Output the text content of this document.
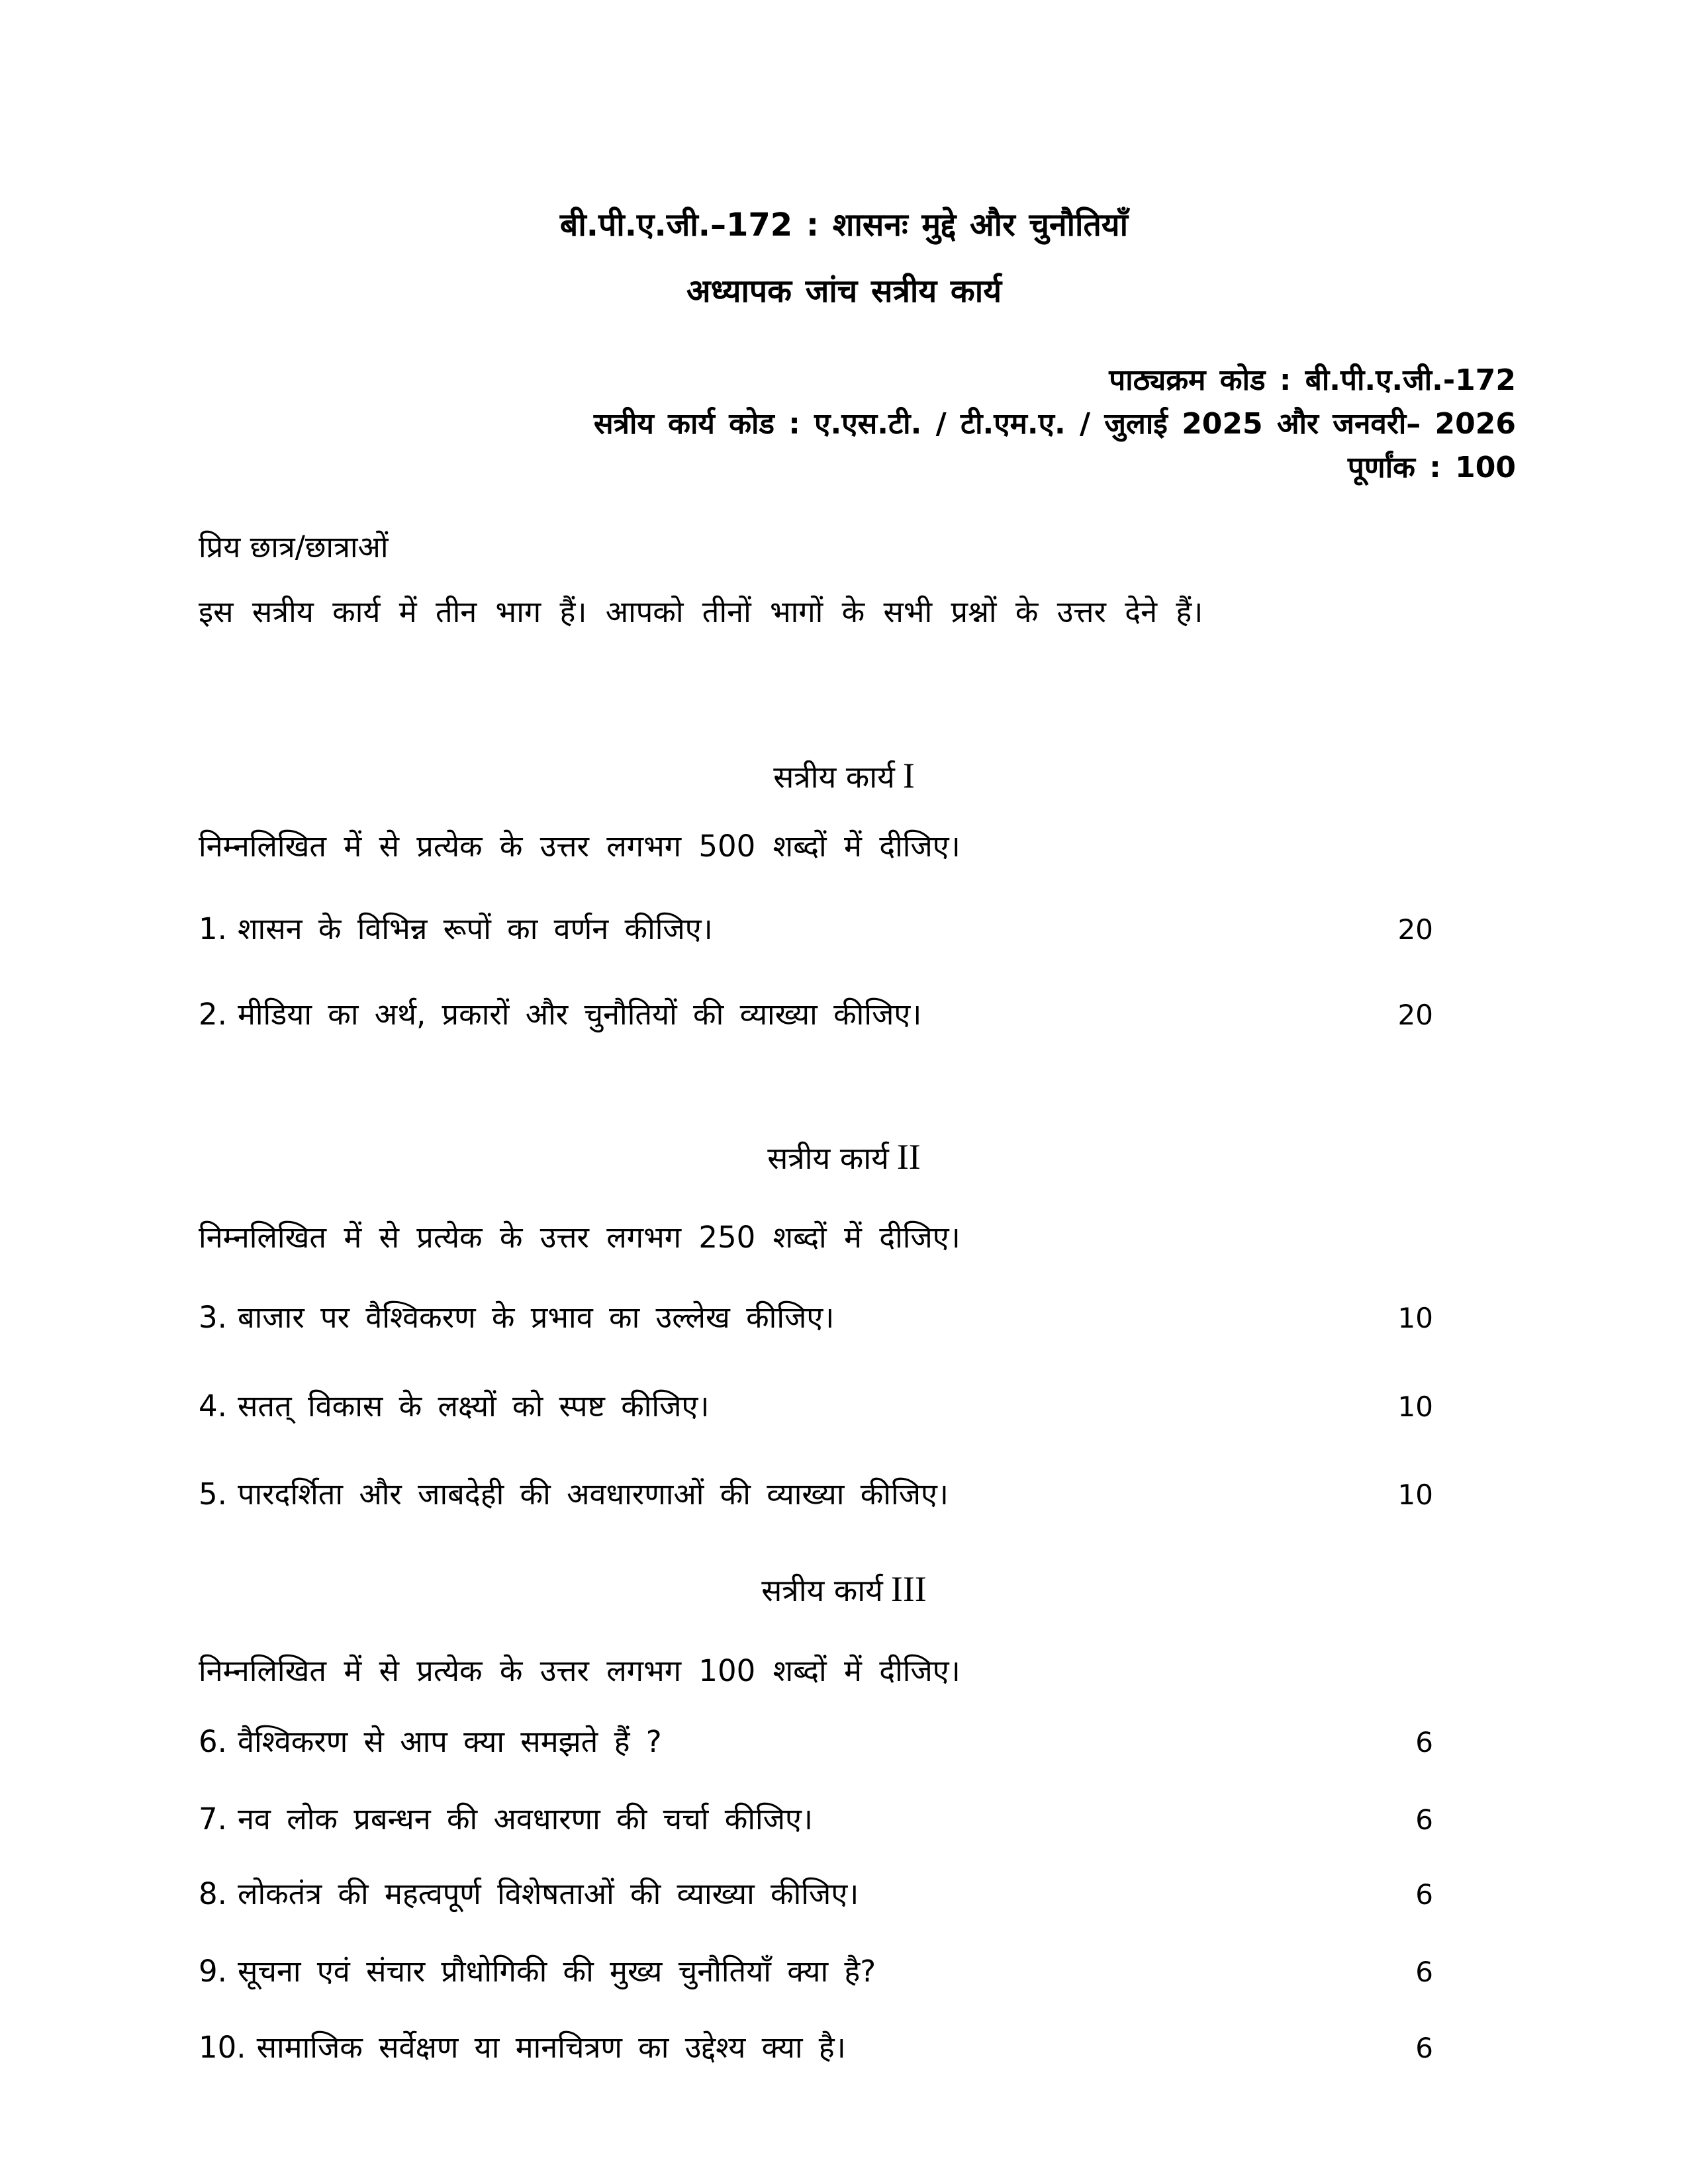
बी.पी.ए.जी.–172 : शासनः मुद्दे और चुनौतियाँ
अध्यापक जांच सत्रीय कार्य
पाठ्यक्रम कोड : बी.पी.ए.जी.-172
सत्रीय कार्य कोड : ए.एस.टी. / टी.एम.ए. / जुलाई 2025 और जनवरी– 2026
पूर्णांक : 100
प्रिय छात्र/छात्राओं
इस सत्रीय कार्य में तीन भाग हैं। आपको तीनों भागों के सभी प्रश्नों के उत्तर देने हैं।
सत्रीय कार्य I
निम्नलिखित में से प्रत्येक के उत्तर लगभग 500 शब्दों में दीजिए।
1. शासन के विभिन्न रूपों का वर्णन कीजिए।	20
2. मीडिया का अर्थ, प्रकारों और चुनौतियों की व्याख्या कीजिए।	20
सत्रीय कार्य II
निम्नलिखित में से प्रत्येक के उत्तर लगभग 250 शब्दों में दीजिए।
3. बाजार पर वैश्विकरण के प्रभाव का उल्लेख कीजिए।	10
4. सतत् विकास के लक्ष्यों को स्पष्ट कीजिए।	10
5. पारदर्शिता और जाबदेही की अवधारणाओं की व्याख्या कीजिए।	10
सत्रीय कार्य III
निम्नलिखित में से प्रत्येक के उत्तर लगभग 100 शब्दों में दीजिए।
6. वैश्विकरण से आप क्या समझते हैं ?	6
7. नव लोक प्रबन्धन की अवधारणा की चर्चा कीजिए।	6
8. लोकतंत्र की महत्वपूर्ण विशेषताओं की व्याख्या कीजिए।	6
9. सूचना एवं संचार प्रौधोगिकी की मुख्य चुनौतियाँ क्या है?	6
10. सामाजिक सर्वेक्षण या मानचित्रण का उद्देश्य क्या है।	6
